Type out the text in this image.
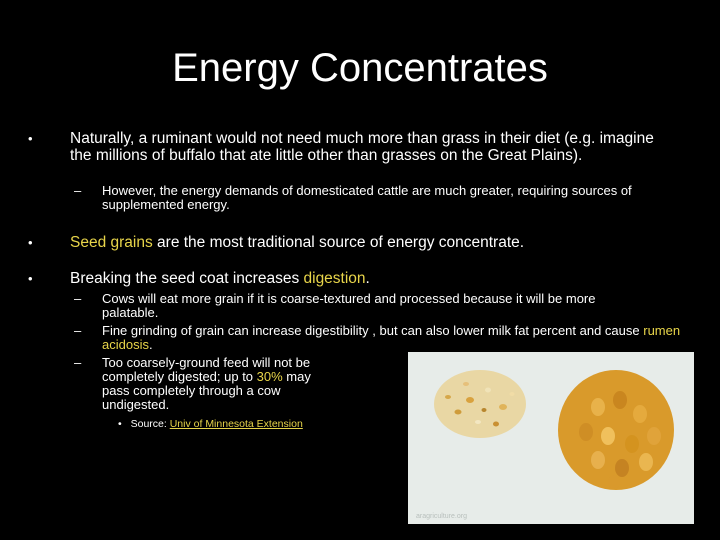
Energy Concentrates
•	Naturally, a ruminant would not need much more than grass in their diet (e.g. imagine the millions of buffalo that ate little other than grasses on the Great Plains).
– However, the energy demands of domesticated cattle are much greater, requiring sources of supplemented energy.
•	Seed grains are the most traditional source of energy concentrate.
•	Breaking the seed coat increases digestion.
– Cows will eat more grain if it is coarse-textured and processed because it will be more palatable.
– Fine grinding of grain can increase digestibility , but can also lower milk fat percent and cause rumen acidosis.
– Too coarsely-ground feed will not be completely digested; up to 30% may pass completely through a cow undigested.
• Source: Univ of Minnesota Extension
aragriculture.org
